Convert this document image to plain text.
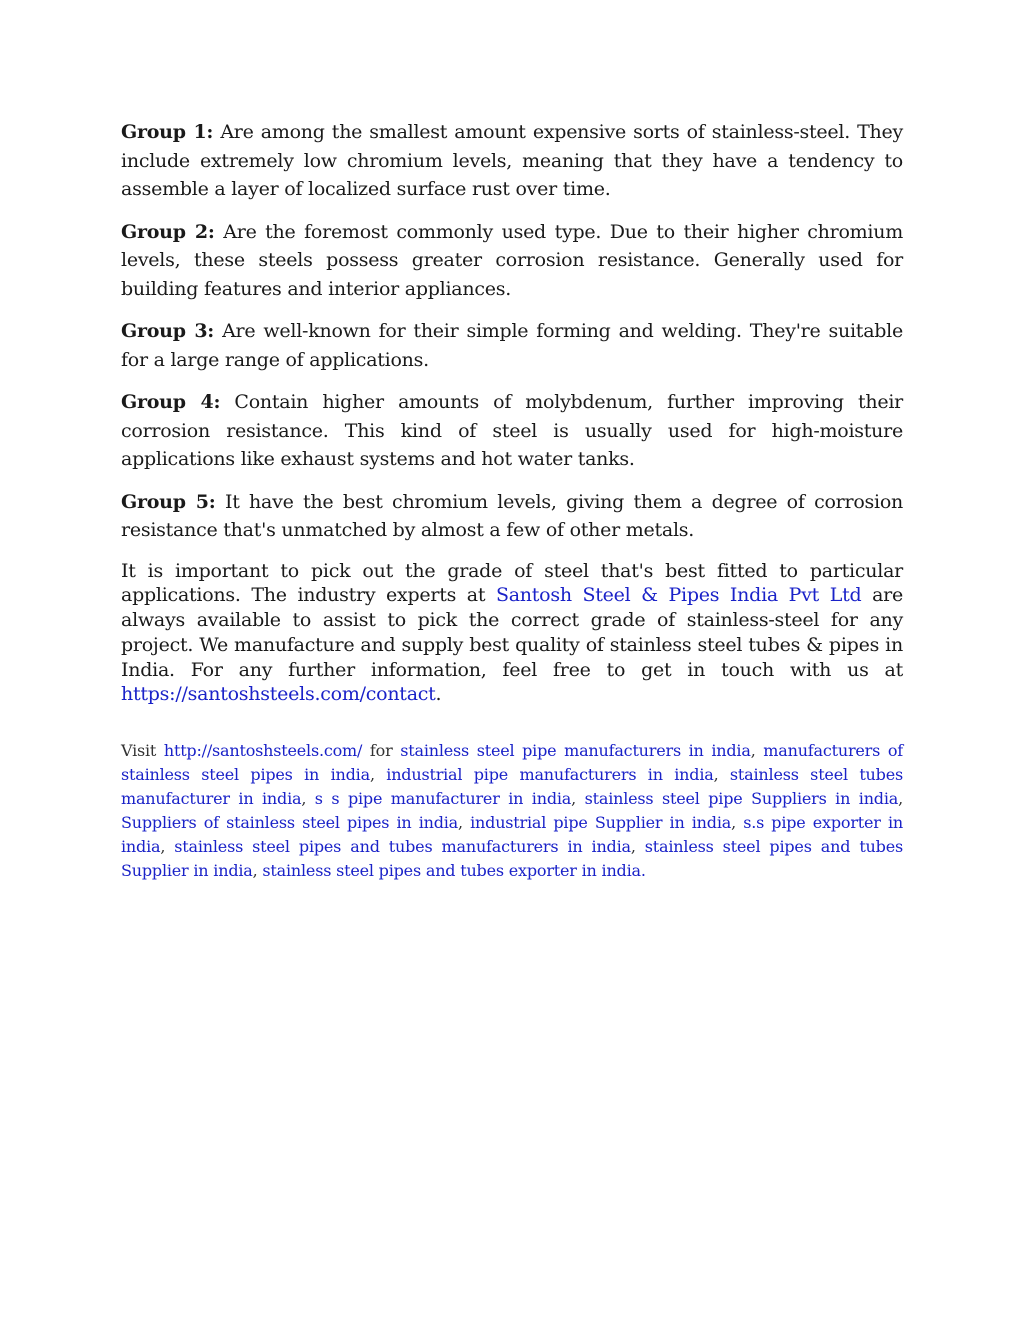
Group 1: Are among the smallest amount expensive sorts of stainless-steel. They include extremely low chromium levels, meaning that they have a tendency to assemble a layer of localized surface rust over time.

Group 2: Are the foremost commonly used type. Due to their higher chromium levels, these steels possess greater corrosion resistance. Generally used for building features and interior appliances.

Group 3: Are well-known for their simple forming and welding. They're suitable for a large range of applications.

Group 4: Contain higher amounts of molybdenum, further improving their corrosion resistance. This kind of steel is usually used for high-moisture applications like exhaust systems and hot water tanks.

Group 5: It have the best chromium levels, giving them a degree of corrosion resistance that's unmatched by almost a few of other metals.

It is important to pick out the grade of steel that's best fitted to particular applications. The industry experts at Santosh Steel & Pipes India Pvt Ltd are always available to assist to pick the correct grade of stainless-steel for any project. We manufacture and supply best quality of stainless steel tubes & pipes in India. For any further information, feel free to get in touch with us at https://santoshsteels.com/contact.

Visit http://santoshsteels.com/ for stainless steel pipe manufacturers in india, manufacturers of stainless steel pipes in india, industrial pipe manufacturers in india, stainless steel tubes manufacturer in india, s s pipe manufacturer in india, stainless steel pipe Suppliers in india, Suppliers of stainless steel pipes in india, industrial pipe Supplier in india, s.s pipe exporter in india, stainless steel pipes and tubes manufacturers in india, stainless steel pipes and tubes Supplier in india, stainless steel pipes and tubes exporter in india.
